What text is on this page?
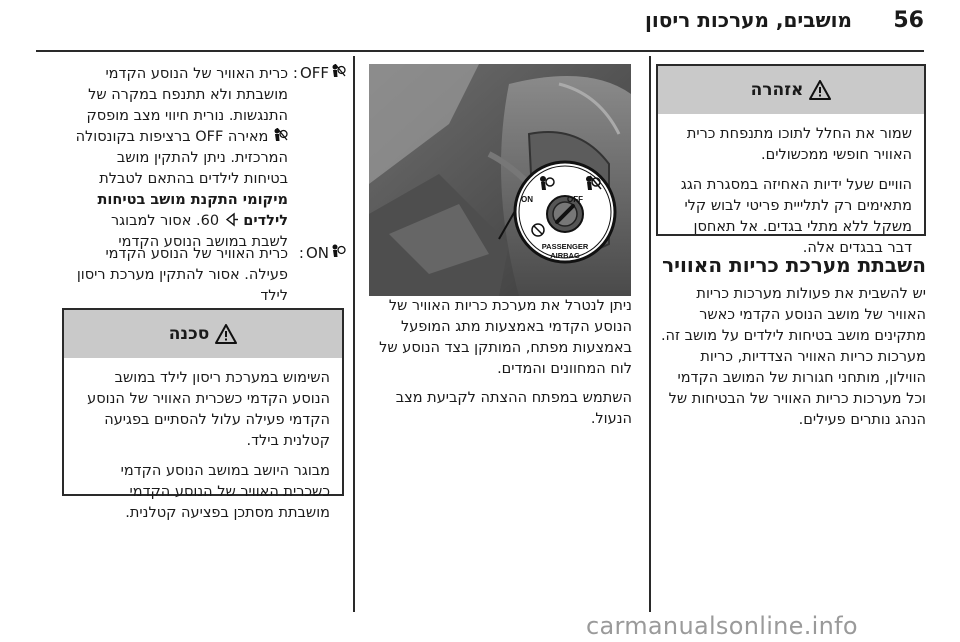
56
מושבים, מערכות ריסון
אזהרה

שמור את החלל לתוכו מתנפחת כרית האוויר חופשי ממכשולים.

הוויים שעל ידיות האחיזה במסגרת הגג מתאימים רק לתלייית פריטי לבוש קלי משקל ללא מתלי בגדים. אל תאחסן דבר בבגדים אלה.

השבתת מערכת כריות האוויר

יש להשבית את פעולות מערכות כריות האוויר של מושב הנוסע הקדמי כאשר מתקינים מושב בטיחות לילדים על מושב זה. מערכות כריות האוויר הצדדיות, כריות הווילון, מותחני חגורות של המושב הקדמי וכל מערכות כריות האוויר של הבטיחות של הנהג נותרים פעילים.

OFF
ON
PASSENGER
AIRBAG

ניתן לנטרל את מערכת כריות האוויר של הנוסע הקדמי באמצעות מתג המופעל באמצעות מפתח, המותקן בצד הנוסע של לוח המחוונים והמדים.

השתמש במפתח ההצתה לקביעת מצב הנעול.

: OFF
כרית האוויר של הנוסע הקדמי מושבתת ולא תתנפח במקרה של התנגשות. נורית חיווי מצב מופסק  מאירה OFF ברציפות בקונסולה המרכזית. ניתן להתקין מושב בטיחות לילדים בהתאם לטבלת מיקומי התקנת מושב בטיחות לילדים  60. אסור למבוגר לשבת במושב הנוסע הקדמי
: ON
כרית האוויר של הנוסע הקדמי פעילה. אסור להתקין מערכת ריסון לילד
סכנה

השימוש במערכת ריסון לילד במושב הנוסע הקדמי כשכרית האוויר של הנוסע הקדמי פעילה עלול להסתיים בפגיעה קטלנית בילד.

מבוגר היושב במושב הנוסע הקדמי כשכרית האוויר של הנוסע הקדמי מושבתת מסתכן בפציעה קטלנית.

carmanualsonline.info
